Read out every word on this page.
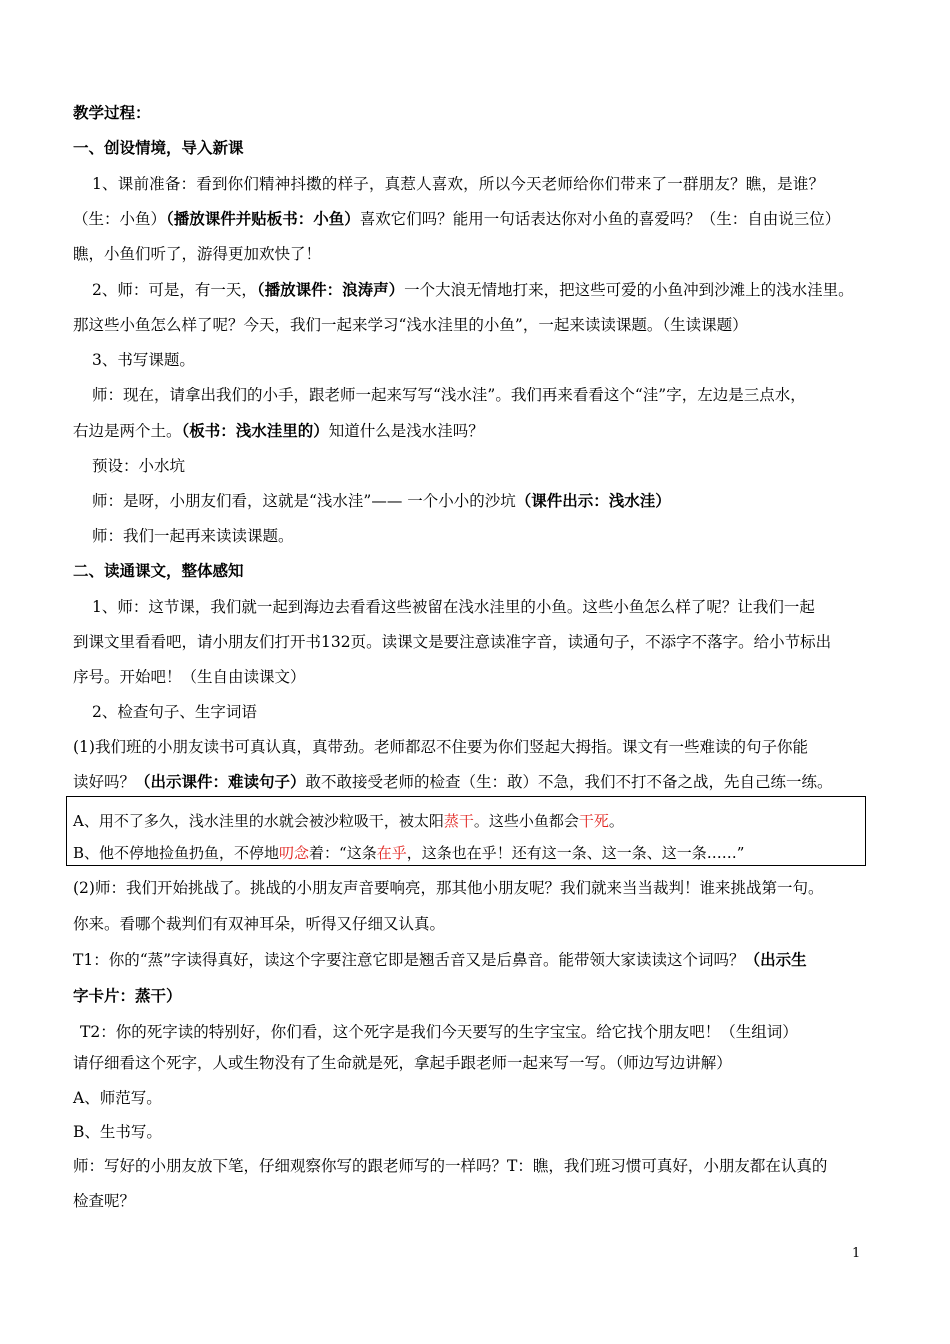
教学过程：
一、创设情境，导入新课
1、课前准备：看到你们精神抖擞的样子，真惹人喜欢，所以今天老师给你们带来了一群朋友？瞧，是谁？
（生：小鱼）（播放课件并贴板书：小鱼）喜欢它们吗？能用一句话表达你对小鱼的喜爱吗？（生：自由说三位）
瞧，小鱼们听了，游得更加欢快了！
2、师：可是，有一天，（播放课件：浪涛声）一个大浪无情地打来，把这些可爱的小鱼冲到沙滩上的浅水洼里。
那这些小鱼怎么样了呢？今天，我们一起来学习“浅水洼里的小鱼”，一起来读读课题。（生读课题）
3、书写课题。
师：现在，请拿出我们的小手，跟老师一起来写写“浅水洼”。我们再来看看这个“洼”字，左边是三点水，
右边是两个土。（板书：浅水洼里的）知道什么是浅水洼吗？
预设：小水坑
师：是呀，小朋友们看，这就是“浅水洼”—— 一个小小的沙坑（课件出示：浅水洼）
师：我们一起再来读读课题。
二、读通课文，整体感知
1、师：这节课，我们就一起到海边去看看这些被留在浅水洼里的小鱼。这些小鱼怎么样了呢？让我们一起
到课文里看看吧，请小朋友们打开书132页。读课文是要注意读准字音，读通句子，不添字不落字。给小节标出
序号。开始吧！（生自由读课文）
2、检查句子、生字词语
(1)我们班的小朋友读书可真认真，真带劲。老师都忍不住要为你们竖起大拇指。课文有一些难读的句子你能
读好吗？（出示课件：难读句子）敢不敢接受老师的检查（生：敢）不急，我们不打不备之战，先自己练一练。
A、用不了多久，浅水洼里的水就会被沙粒吸干，被太阳蒸干。这些小鱼都会干死。
B、他不停地捡鱼扔鱼，不停地叨念着：“这条在乎，这条也在乎！还有这一条、这一条、这一条……”
(2)师：我们开始挑战了。挑战的小朋友声音要响亮，那其他小朋友呢？我们就来当当裁判！谁来挑战第一句。
你来。看哪个裁判们有双神耳朵，听得又仔细又认真。
T1：你的“蒸”字读得真好，读这个字要注意它即是翘舌音又是后鼻音。能带领大家读读这个词吗？（出示生
字卡片：蒸干）
T2：你的死字读的特别好，你们看，这个死字是我们今天要写的生字宝宝。给它找个朋友吧！（生组词）
请仔细看这个死字，人或生物没有了生命就是死，拿起手跟老师一起来写一写。（师边写边讲解）
A、师范写。
B、生书写。
师：写好的小朋友放下笔，仔细观察你写的跟老师写的一样吗？T：瞧，我们班习惯可真好，小朋友都在认真的
检查呢？
1
